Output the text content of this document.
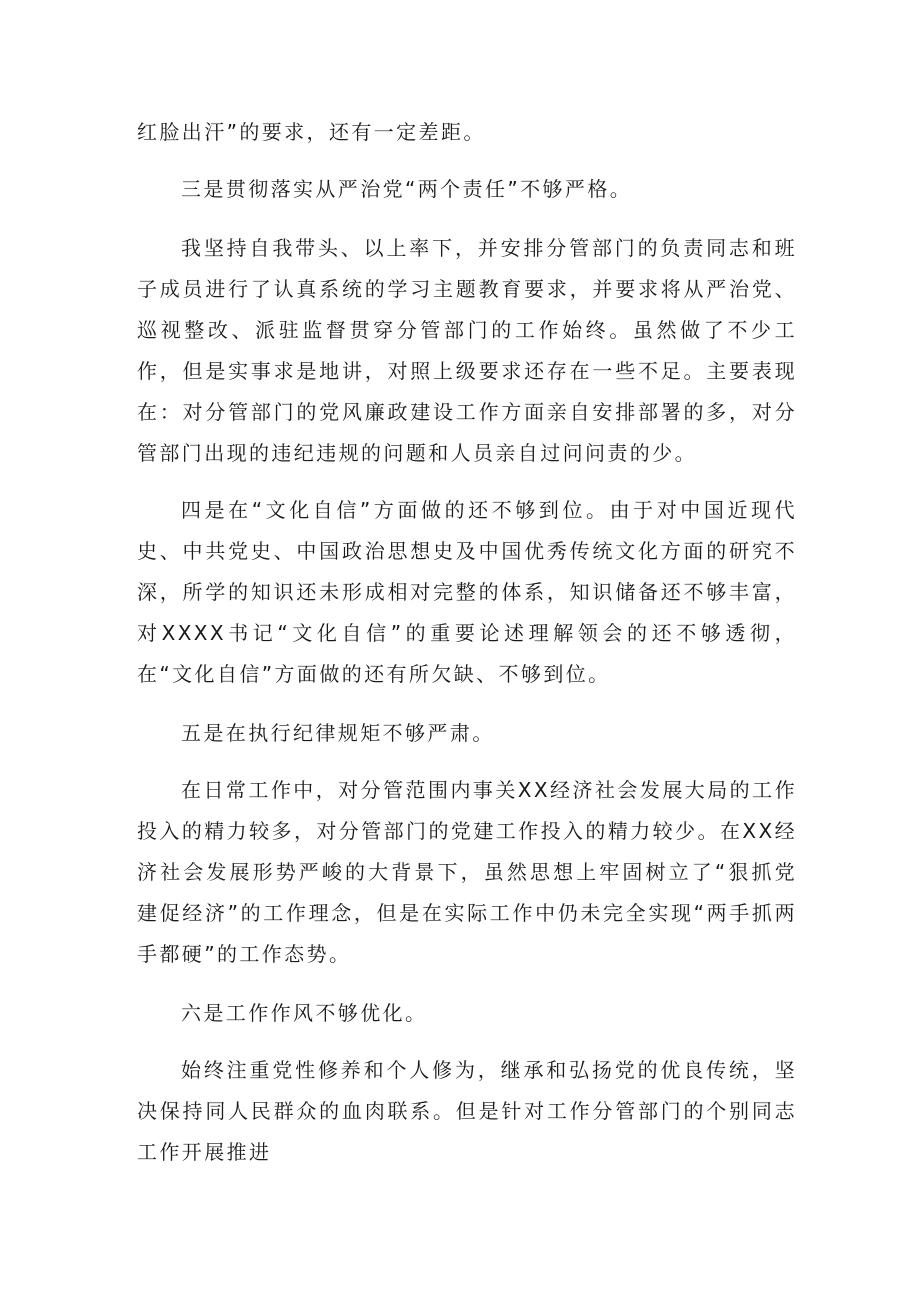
红脸出汗”的要求，还有一定差距。

三是贯彻落实从严治党“两个责任”不够严格。

我坚持自我带头、以上率下，并安排分管部门的负责同志和班子成员进行了认真系统的学习主题教育要求，并要求将从严治党、巡视整改、派驻监督贯穿分管部门的工作始终。虽然做了不少工作，但是实事求是地讲，对照上级要求还存在一些不足。主要表现在：对分管部门的党风廉政建设工作方面亲自安排部署的多，对分管部门出现的违纪违规的问题和人员亲自过问问责的少。

四是在“文化自信”方面做的还不够到位。由于对中国近现代史、中共党史、中国政治思想史及中国优秀传统文化方面的研究不深，所学的知识还未形成相对完整的体系，知识储备还不够丰富，对XXXX书记“文化自信”的重要论述理解领会的还不够透彻，在“文化自信”方面做的还有所欠缺、不够到位。

五是在执行纪律规矩不够严肃。

在日常工作中，对分管范围内事关XX经济社会发展大局的工作投入的精力较多，对分管部门的党建工作投入的精力较少。在XX经济社会发展形势严峻的大背景下，虽然思想上牢固树立了“狠抓党建促经济”的工作理念，但是在实际工作中仍未完全实现“两手抓两手都硬”的工作态势。

六是工作作风不够优化。

始终注重党性修养和个人修为，继承和弘扬党的优良传统，坚决保持同人民群众的血肉联系。但是针对工作分管部门的个别同志工作开展推进
